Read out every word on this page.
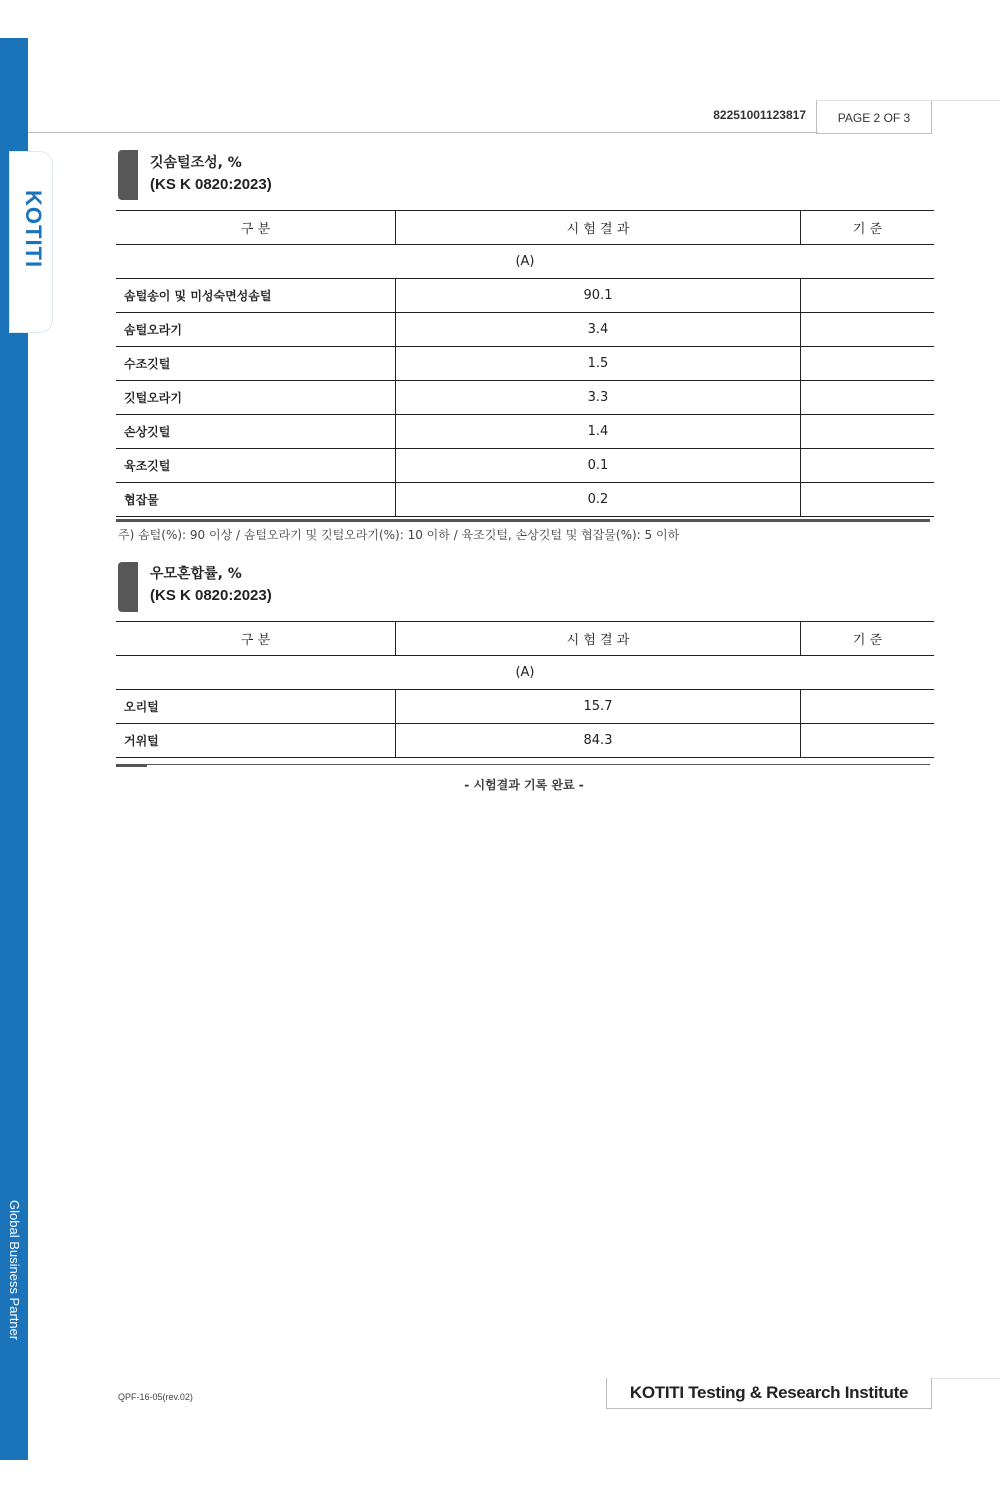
KOTITI
Global Business Partner
82251001123817	PAGE 2 OF 3
깃솜털조성, %
(KS K 0820:2023)
구 분	시 험 결 과	기 준
(A)		
솜털송이 및 미성숙면성솜털	90.1	
솜털오라기	3.4	
수조깃털	1.5	
깃털오라기	3.3	
손상깃털	1.4	
육조깃털	0.1	
협잡물	0.2	
주) 솜털(%): 90 이상 / 솜털오라기 및 깃털오라기(%): 10 이하 / 육조깃털, 손상깃털 및 협잡물(%): 5 이하
우모혼합률, %
(KS K 0820:2023)
구 분	시 험 결 과	기 준
(A)		
오리털	15.7	
거위털	84.3	
- 시험결과 기록 완료 -
QPF-16-05(rev.02)	KOTITI Testing & Research Institute
